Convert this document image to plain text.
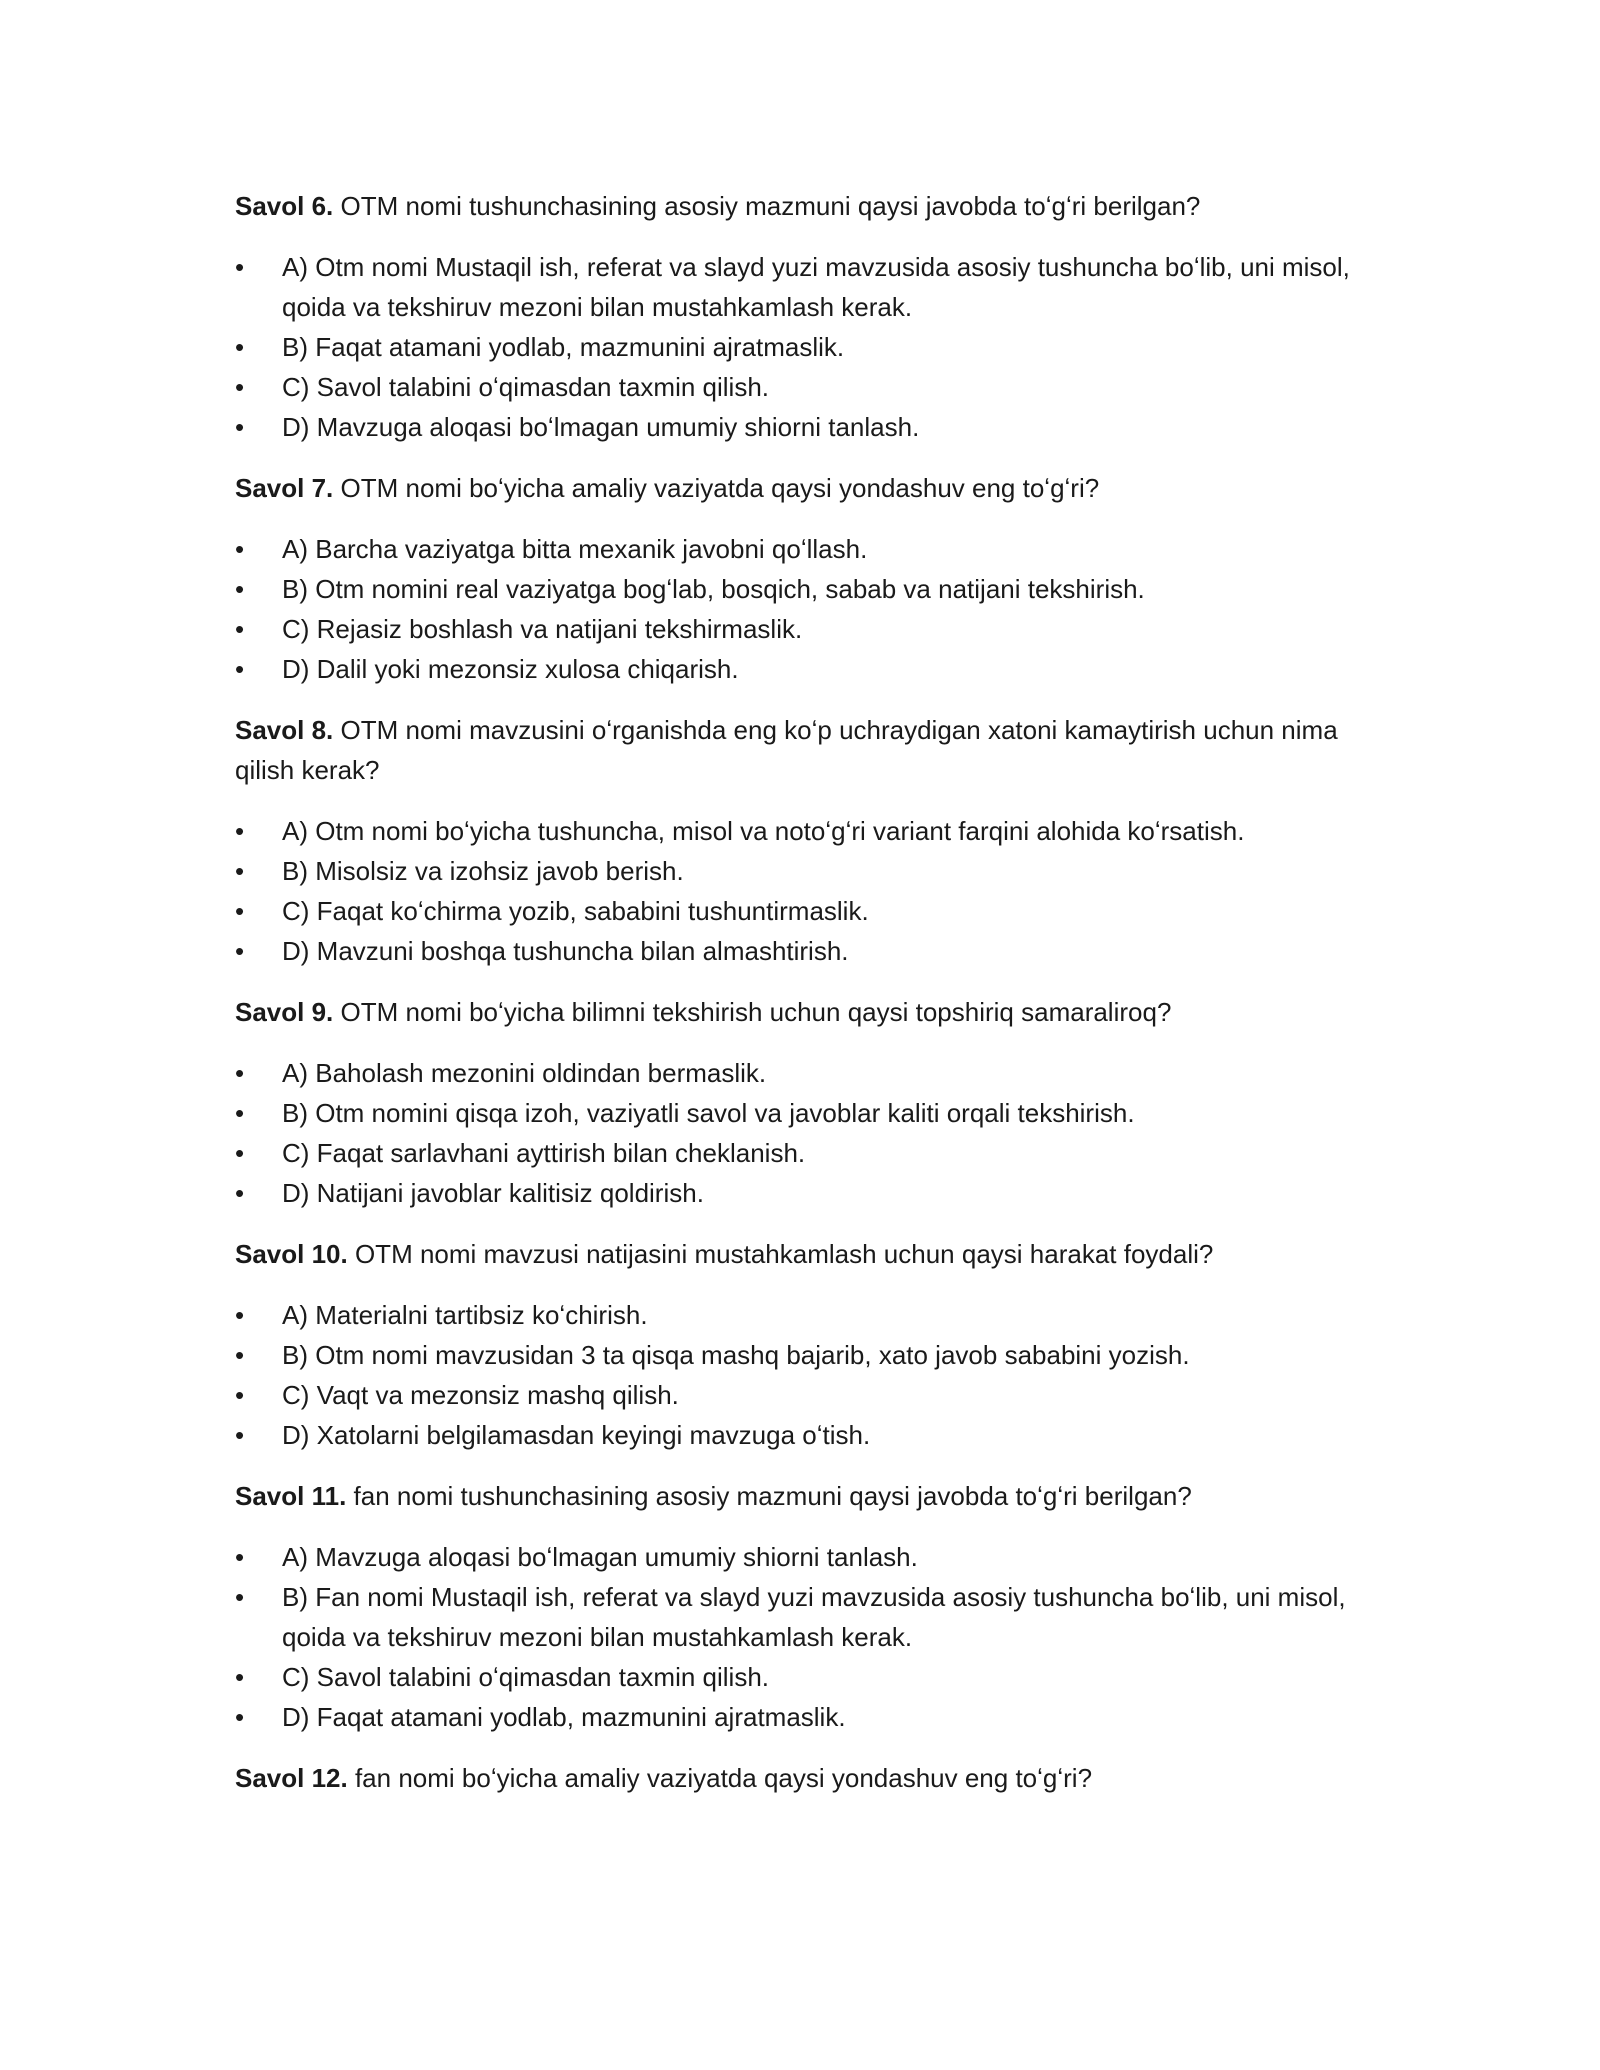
Savol 6. OTM nomi tushunchasining asosiy mazmuni qaysi javobda toʻgʻri berilgan?

•	A) Otm nomi Mustaqil ish, referat va slayd yuzi mavzusida asosiy tushuncha boʻlib, uni misol, qoida va tekshiruv mezoni bilan mustahkamlash kerak.
•	B) Faqat atamani yodlab, mazmunini ajratmaslik.
•	C) Savol talabini oʻqimasdan taxmin qilish.
•	D) Mavzuga aloqasi boʻlmagan umumiy shiorni tanlash.

Savol 7. OTM nomi boʻyicha amaliy vaziyatda qaysi yondashuv eng toʻgʻri?

•	A) Barcha vaziyatga bitta mexanik javobni qoʻllash.
•	B) Otm nomini real vaziyatga bogʻlab, bosqich, sabab va natijani tekshirish.
•	C) Rejasiz boshlash va natijani tekshirmaslik.
•	D) Dalil yoki mezonsiz xulosa chiqarish.

Savol 8. OTM nomi mavzusini oʻrganishda eng koʻp uchraydigan xatoni kamaytirish uchun nima qilish kerak?

•	A) Otm nomi boʻyicha tushuncha, misol va notoʻgʻri variant farqini alohida koʻrsatish.
•	B) Misolsiz va izohsiz javob berish.
•	C) Faqat koʻchirma yozib, sababini tushuntirmaslik.
•	D) Mavzuni boshqa tushuncha bilan almashtirish.

Savol 9. OTM nomi boʻyicha bilimni tekshirish uchun qaysi topshiriq samaraliroq?

•	A) Baholash mezonini oldindan bermaslik.
•	B) Otm nomini qisqa izoh, vaziyatli savol va javoblar kaliti orqali tekshirish.
•	C) Faqat sarlavhani ayttirish bilan cheklanish.
•	D) Natijani javoblar kalitisiz qoldirish.

Savol 10. OTM nomi mavzusi natijasini mustahkamlash uchun qaysi harakat foydali?

•	A) Materialni tartibsiz koʻchirish.
•	B) Otm nomi mavzusidan 3 ta qisqa mashq bajarib, xato javob sababini yozish.
•	C) Vaqt va mezonsiz mashq qilish.
•	D) Xatolarni belgilamasdan keyingi mavzuga oʻtish.

Savol 11. fan nomi tushunchasining asosiy mazmuni qaysi javobda toʻgʻri berilgan?

•	A) Mavzuga aloqasi boʻlmagan umumiy shiorni tanlash.
•	B) Fan nomi Mustaqil ish, referat va slayd yuzi mavzusida asosiy tushuncha boʻlib, uni misol, qoida va tekshiruv mezoni bilan mustahkamlash kerak.
•	C) Savol talabini oʻqimasdan taxmin qilish.
•	D) Faqat atamani yodlab, mazmunini ajratmaslik.

Savol 12. fan nomi boʻyicha amaliy vaziyatda qaysi yondashuv eng toʻgʻri?
